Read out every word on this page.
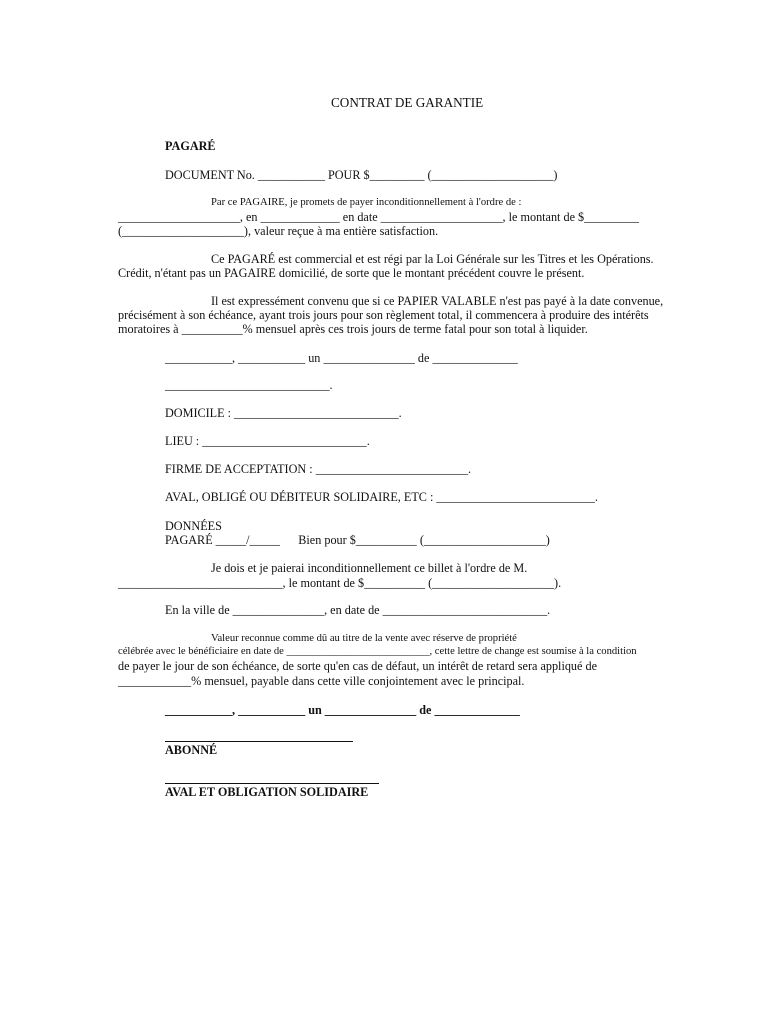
CONTRAT DE GARANTIE

PAGARÉ

DOCUMENT No. ___________ POUR $_________ (____________________)

Par ce PAGAIRE, je promets de payer inconditionnellement à l'ordre de :

____________________, en _____________ en date ____________________, le montant de $_________

(____________________), valeur reçue à ma entière satisfaction.

Ce PAGARÉ est commercial et est régi par la Loi Générale sur les Titres et les Opérations.

Crédit, n'étant pas un PAGAIRE domicilié, de sorte que le montant précédent couvre le présent.

Il est expressément convenu que si ce PAPIER VALABLE n'est pas payé à la date convenue,

précisément à son échéance, ayant trois jours pour son règlement total, il commencera à produire des intérêts

moratoires à __________% mensuel après ces trois jours de terme fatal pour son total à liquider.

___________, ___________ un _______________ de ______________

___________________________.

DOMICILE : ___________________________.

LIEU : ___________________________.

FIRME DE ACCEPTATION : _________________________.

AVAL, OBLIGÉ OU DÉBITEUR SOLIDAIRE, ETC : __________________________.

DONNÉES

PAGARÉ _____/_____      Bien pour $__________ (____________________)

Je dois et je paierai inconditionnellement ce billet à l'ordre de M.

___________________________, le montant de $__________ (____________________).

En la ville de _______________, en date de ___________________________.

Valeur reconnue comme dû au titre de la vente avec réserve de propriété

célébrée avec le bénéficiaire en date de ___________________________, cette lettre de change est soumise à la condition

de payer le jour de son échéance, de sorte qu'en cas de défaut, un intérêt de retard sera appliqué de

____________% mensuel, payable dans cette ville conjointement avec le principal.

___________, ___________ un _______________ de ______________

ABONNÉ

AVAL ET OBLIGATION SOLIDAIRE
